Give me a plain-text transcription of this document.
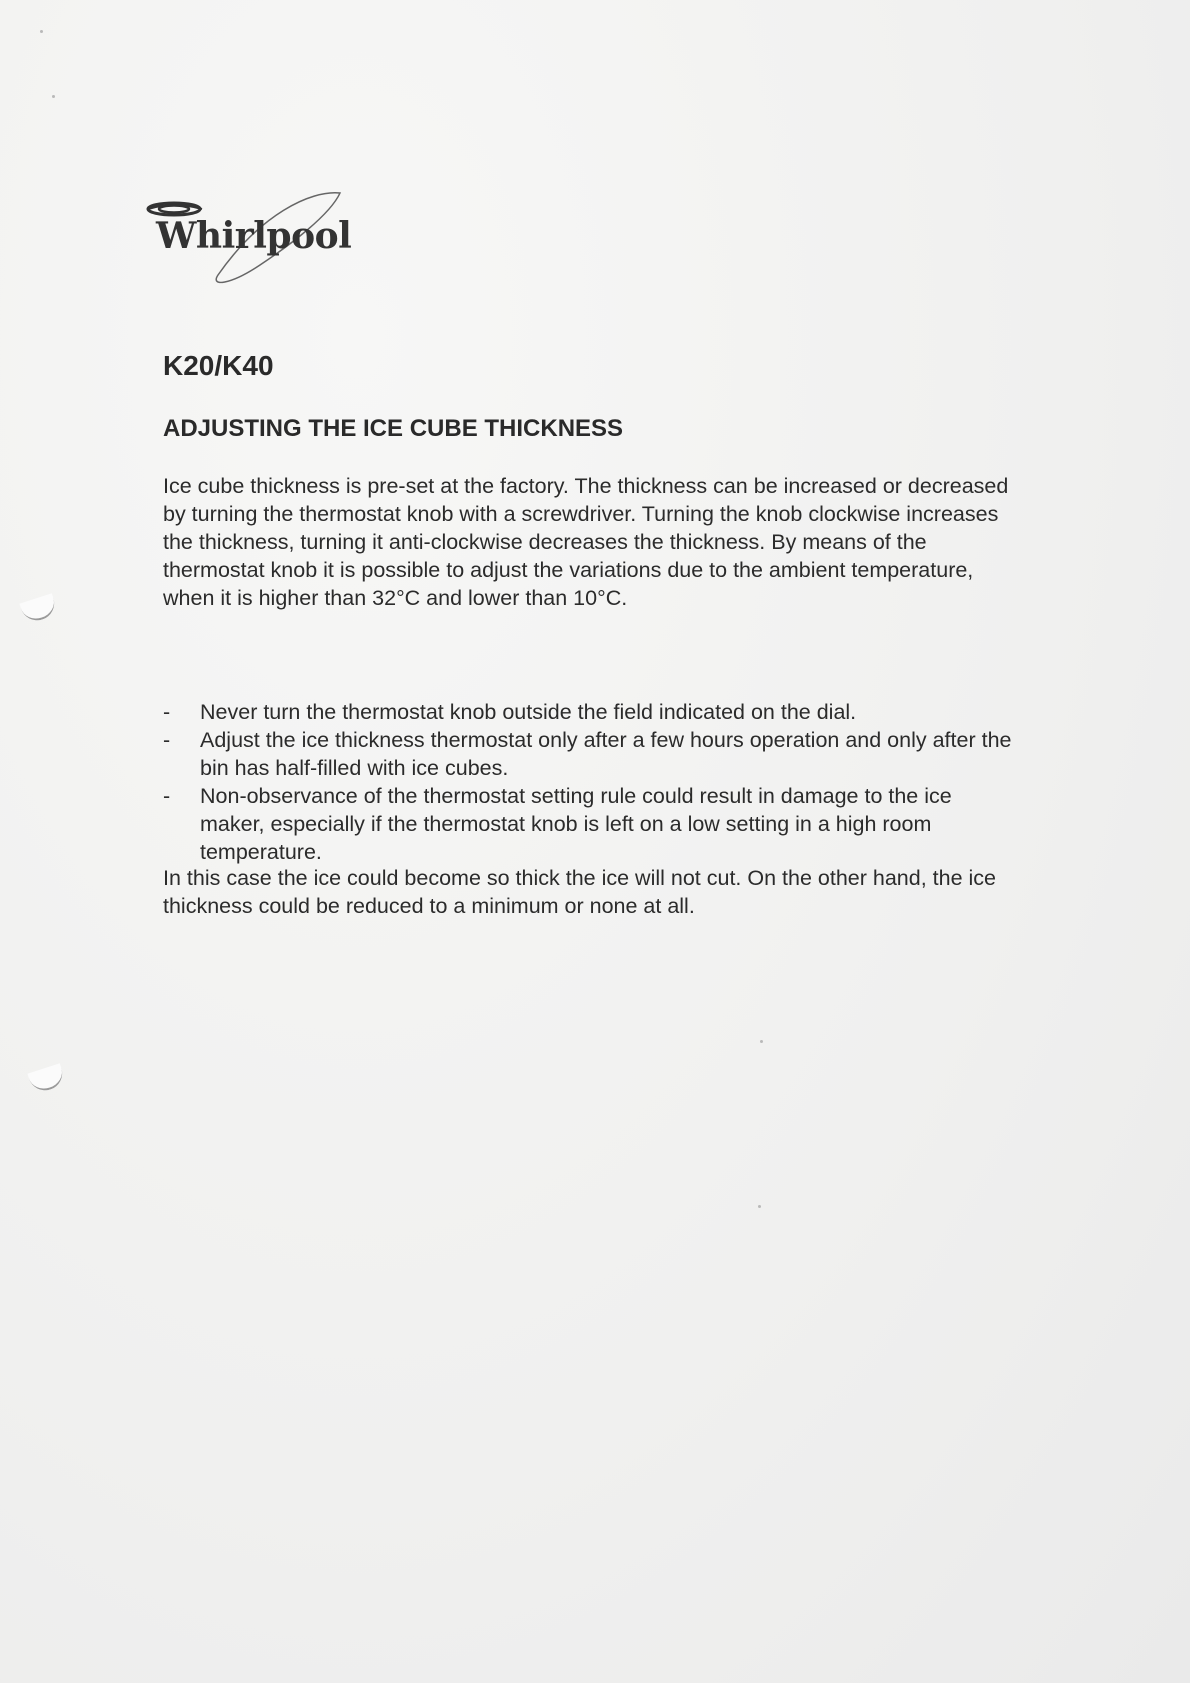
Whirlpool
K20/K40
ADJUSTING THE ICE CUBE THICKNESS

Ice cube thickness is pre-set at the factory. The thickness can be increased or decreased by turning the thermostat knob with a screwdriver. Turning the knob clockwise increases the thickness, turning it anti-clockwise decreases the thickness. By means of the thermostat knob it is possible to adjust the variations due to the ambient temperature, when it is higher than 32°C and lower than 10°C.

- Never turn the thermostat knob outside the field indicated on the dial.
- Adjust the ice thickness thermostat only after a few hours operation and only after the bin has half-filled with ice cubes.
- Non-observance of the thermostat setting rule could result in damage to the ice maker, especially if the thermostat knob is left on a low setting in a high room temperature.

In this case the ice could become so thick the ice will not cut. On the other hand, the ice thickness could be reduced to a minimum or none at all.
